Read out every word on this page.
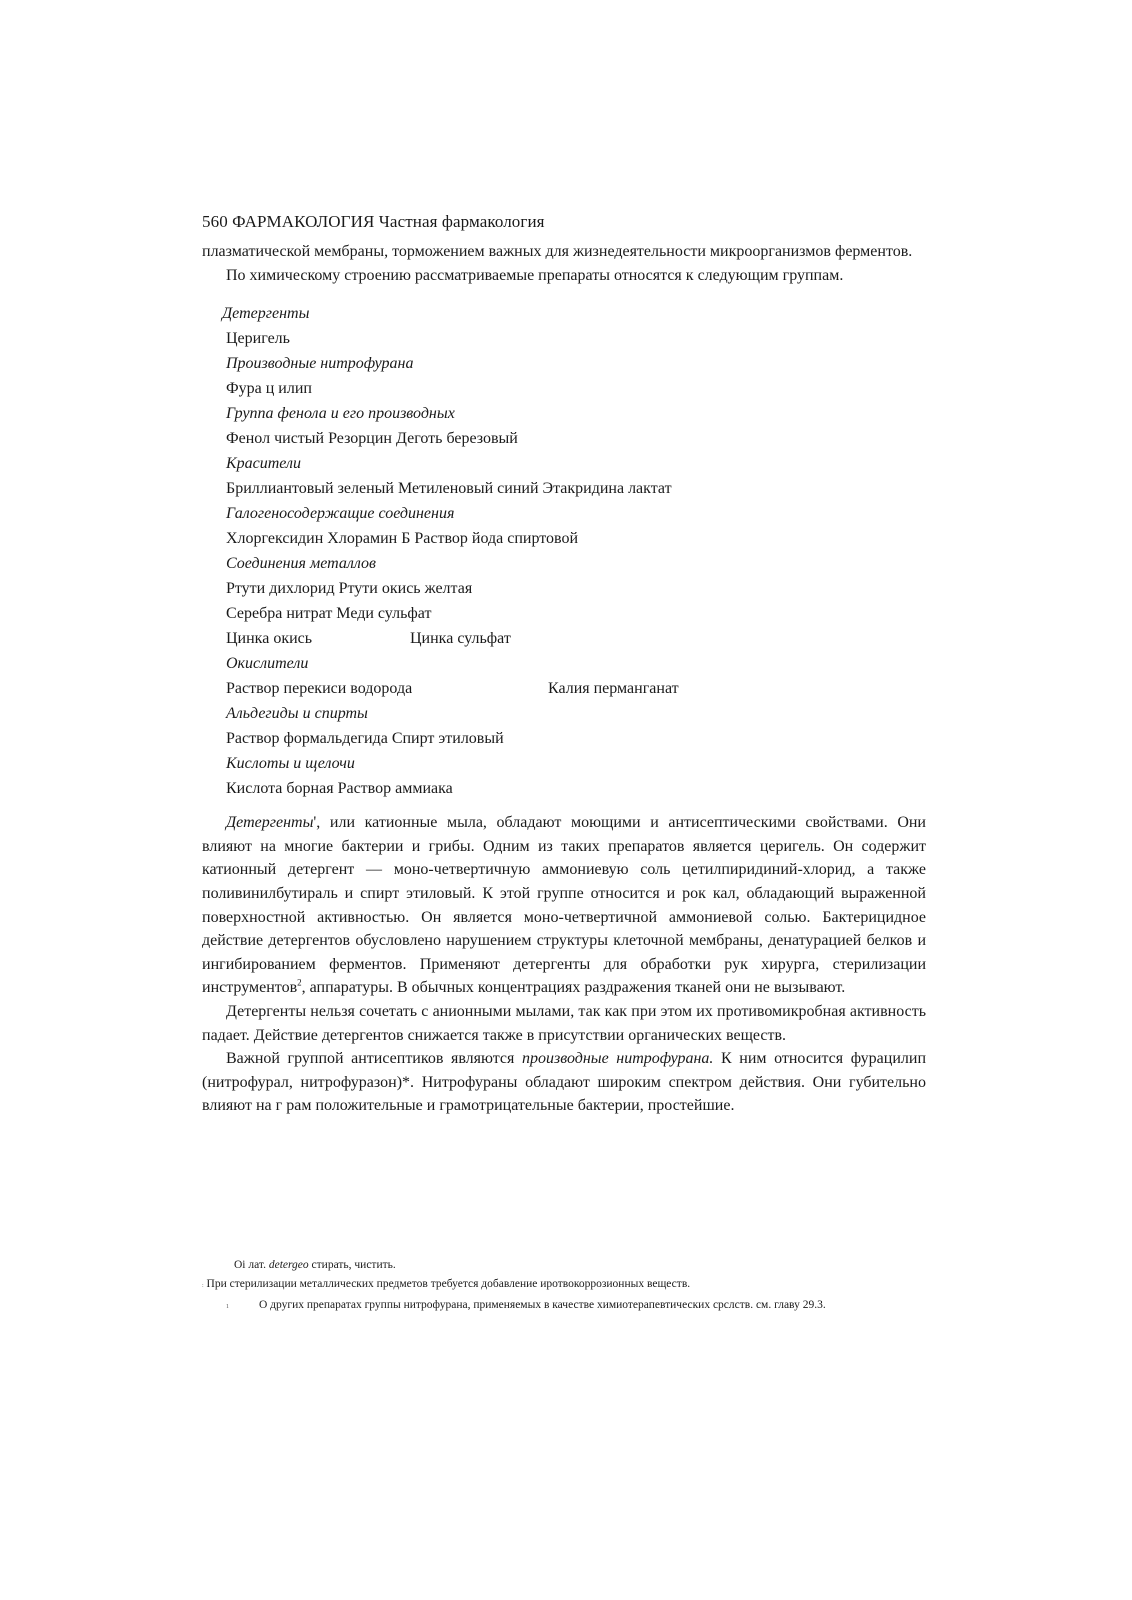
560 ФАРМАКОЛОГИЯ Частная фармакология

плазматической мембраны, торможением важных для жизнедеятельности микроорганизмов ферментов.

По химическому строению рассматриваемые препараты относятся к следующим группам.

Детергенты
Церигель
Производные нитрофурана
Фура ц илип
Группа фенола и его производных
Фенол чистый Резорцин Деготь березовый
Красители
Бриллиантовый зеленый Метиленовый синий Этакридина лактат
Галогеносодержащие соединения
Хлоргексидин Хлорамин Б Раствор йода спиртовой
Соединения металлов
Ртути дихлорид Ртути окись желтая
Серебра нитрат Меди сульфат
Цинка окись	Цинка сульфат
Окислители
Раствор перекиси водорода	Калия перманганат
Альдегиды и спирты
Раствор формальдегида Спирт этиловый
Кислоты и щелочи
Кислота борная Раствор аммиака

Детергенты', или катионные мыла, обладают моющими и антисептическими свойствами. Они влияют на многие бактерии и грибы. Одним из таких препаратов является церигель. Он содержит катионный детергент — моно-четвертичную аммониевую соль цетилпиридиний-хлорид, а также поливинилбутираль и спирт этиловый. К этой группе относится и рок кал, обладающий выраженной поверхностной активностью. Он является моно-четвертичной аммониевой солью. Бактерицидное действие детергентов обусловлено нарушением структуры клеточной мембраны, денатурацией белков и ингибированием ферментов. Применяют детергенты для обработки рук хирурга, стерилизации инструментов$^2$, аппаратуры. В обычных концентрациях раздражения тканей они не вызывают.

Детергенты нельзя сочетать с анионными мылами, так как при этом их противомикробная активность падает. Действие детергентов снижается также в присутствии органических веществ.

Важной группой антисептиков являются производные нитрофурана. К ним относится фурацилип (нитрофурал, нитрофуразон)*. Нитрофураны обладают широким спектром действия. Они губительно влияют на г рам положительные и грамотрицательные бактерии, простейшие.

Оі лат. detergeo стирать, чистить.

: При стерилизации металлических предметов требуется добавление иротвокоррозионных веществ.

1	О других препаратах группы нитрофурана, применяемых в качестве химиотерапевтических срслств. см. главу 29.3.
